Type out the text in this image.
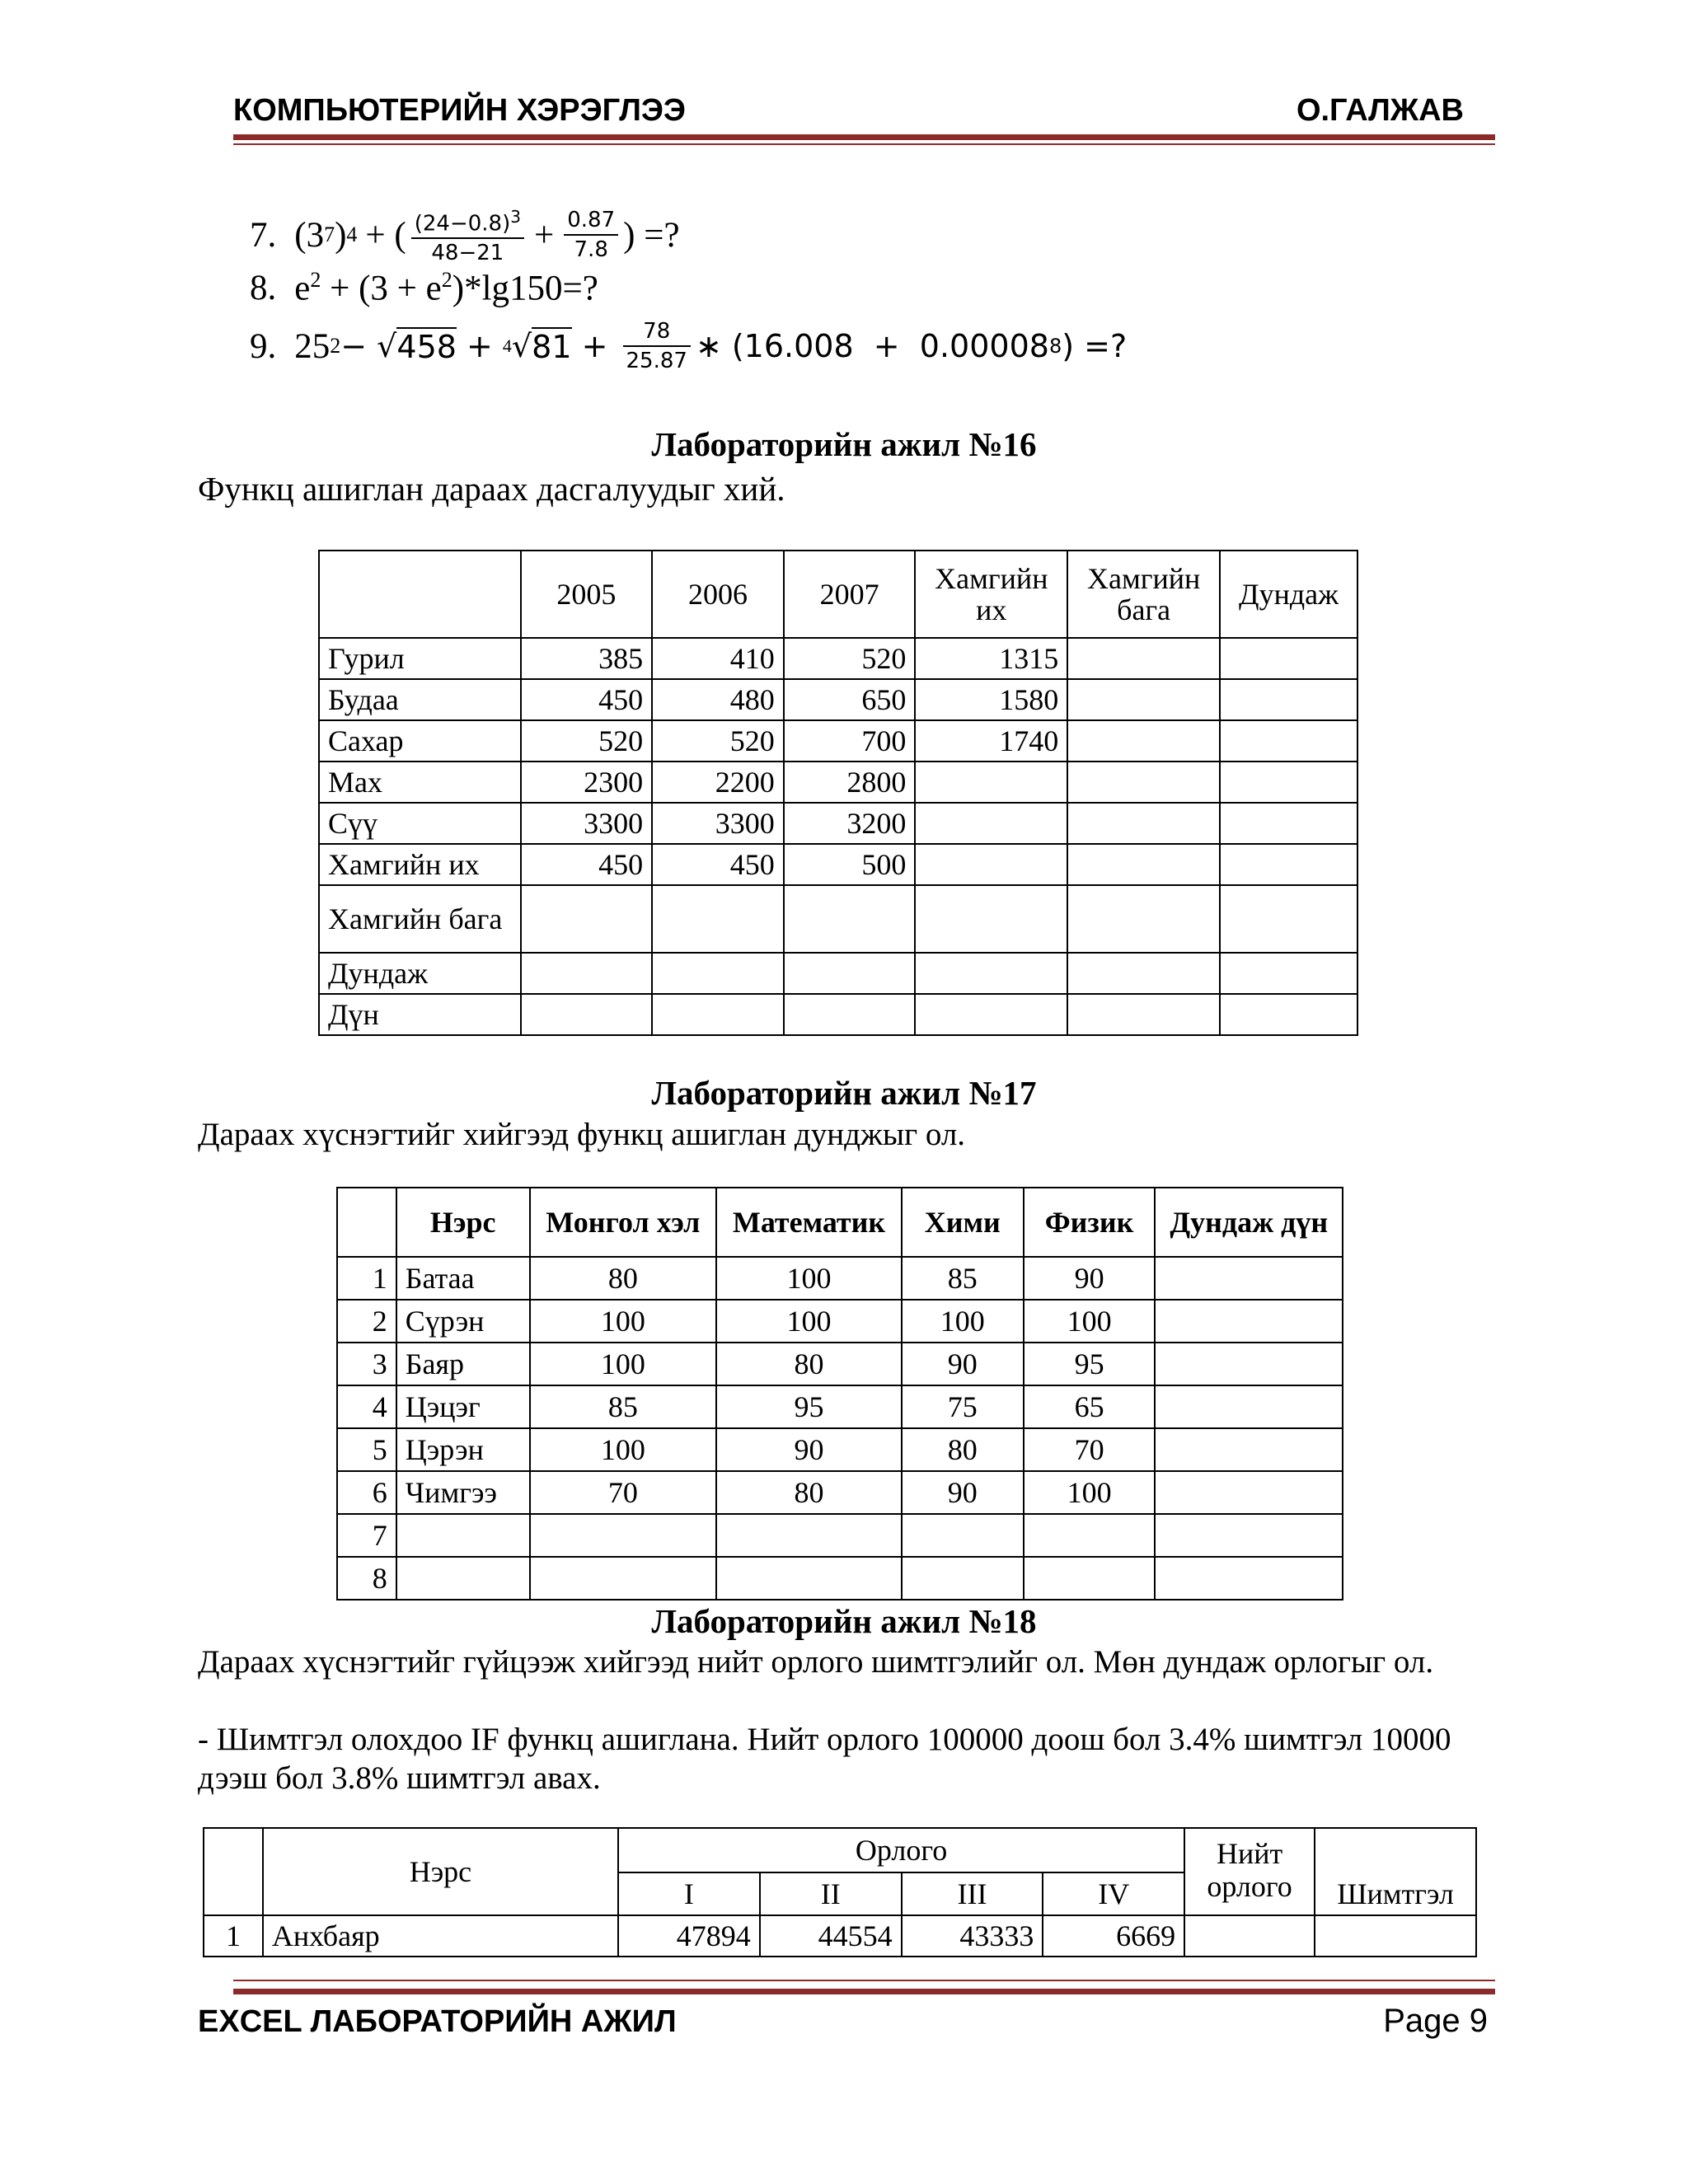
КОМПЬЮТЕРИЙН ХЭРЭГЛЭЭ	О.ГАЛЖАВ
7. (3 7 ) 4 + ( $\frac{(24-0.8)^3}{48-21} + \frac{0.87}{7.8}$ ) =?
8. $e^2 + (3 + e^2)*\lg 150=$?
9. 25 2 − √ 458 + 4 √ $81 + \frac{78}{25.87}$ ∗ (16.008  +  0.00008 8 ) =?
Лабораторийн ажил №16
Функц ашиглан дараах дасгалуудыг хий.
	2005	2006	2007	Хамгийн их	Хамгийн бага	Дундаж
Гурил	385	410	520	1315		
Будаа	450	480	650	1580		
Сахар	520	520	700	1740		
Мах	2300	2200	2800			
Сүү	3300	3300	3200			
Хамгийн их	450	450	500			
Хамгийн бага						
Дундаж						
Дүн						
Лабораторийн ажил №17
Дараах хүснэгтийг хийгээд функц ашиглан дунджыг ол.
	Нэрс	Монгол хэл	Математик	Хими	Физик	Дундаж дүн
1	Батаа	80	100	85	90	
2	Сүрэн	100	100	100	100	
3	Баяр	100	80	90	95	
4	Цэцэг	85	95	75	65	
5	Цэрэн	100	90	80	70	
6	Чимгээ	70	80	90	100	
7						
8						
Лабораторийн ажил №18
Дараах хүснэгтийг гүйцээж хийгээд нийт орлого шимтгэлийг ол. Мөн дундаж орлогыг ол.
- Шимтгэл олохдоо IF функц ашиглана. Нийт орлого 100000 доош бол 3.4% шимтгэл 10000 дээш бол 3.8% шимтгэл авах.
	Нэрс	Орлого				Нийт орлого	Шимтгэл
		I	II	III	IV		
1	Анхбаяр	47894	44554	43333	6669		
EXCEL ЛАБОРАТОРИЙН АЖИЛ	Page 9
